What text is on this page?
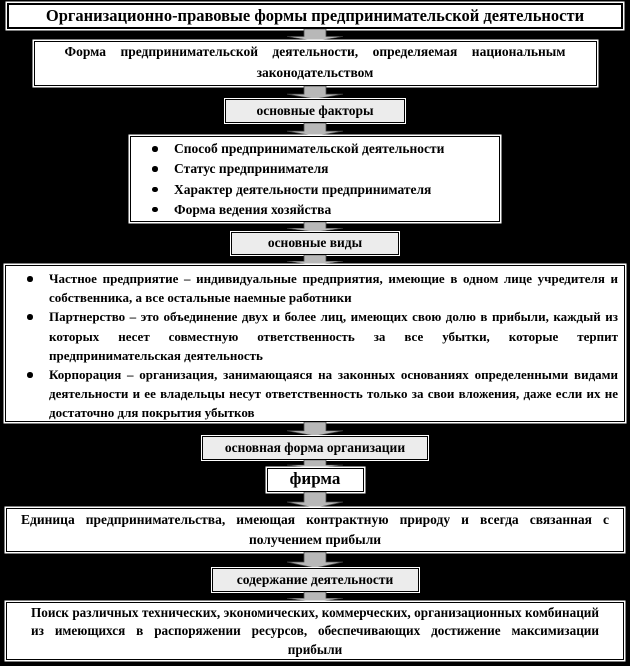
Организационно-правовые формы предпринимательской деятельности
Форма предпринимательской деятельности, определяемая национальным законодательством
основные факторы
Способ предпринимательской деятельности
Статус предпринимателя
Характер деятельности предпринимателя
Форма ведения хозяйства
основные виды
Частное предприятие – индивидуальные предприятия, имеющие в одном лице учредителя и собственника, а все остальные наемные работники
Партнерство – это объединение двух и более лиц, имеющих свою долю в прибыли, каждый из которых несет совместную ответственность за все убытки, которые терпит предпринимательская деятельность
Корпорация – организация, занимающаяся на законных основаниях определенными видами деятельности и ее владельцы несут ответственность только за свои вложения, даже если их не достаточно для покрытия убытков
основная форма организации
фирма
Единица предпринимательства, имеющая контрактную природу и всегда связанная с получением прибыли
содержание деятельности
Поиск различных технических, экономических, коммерческих, организационных комбинаций из имеющихся в распоряжении ресурсов, обеспечивающих достижение максимизации прибыли
